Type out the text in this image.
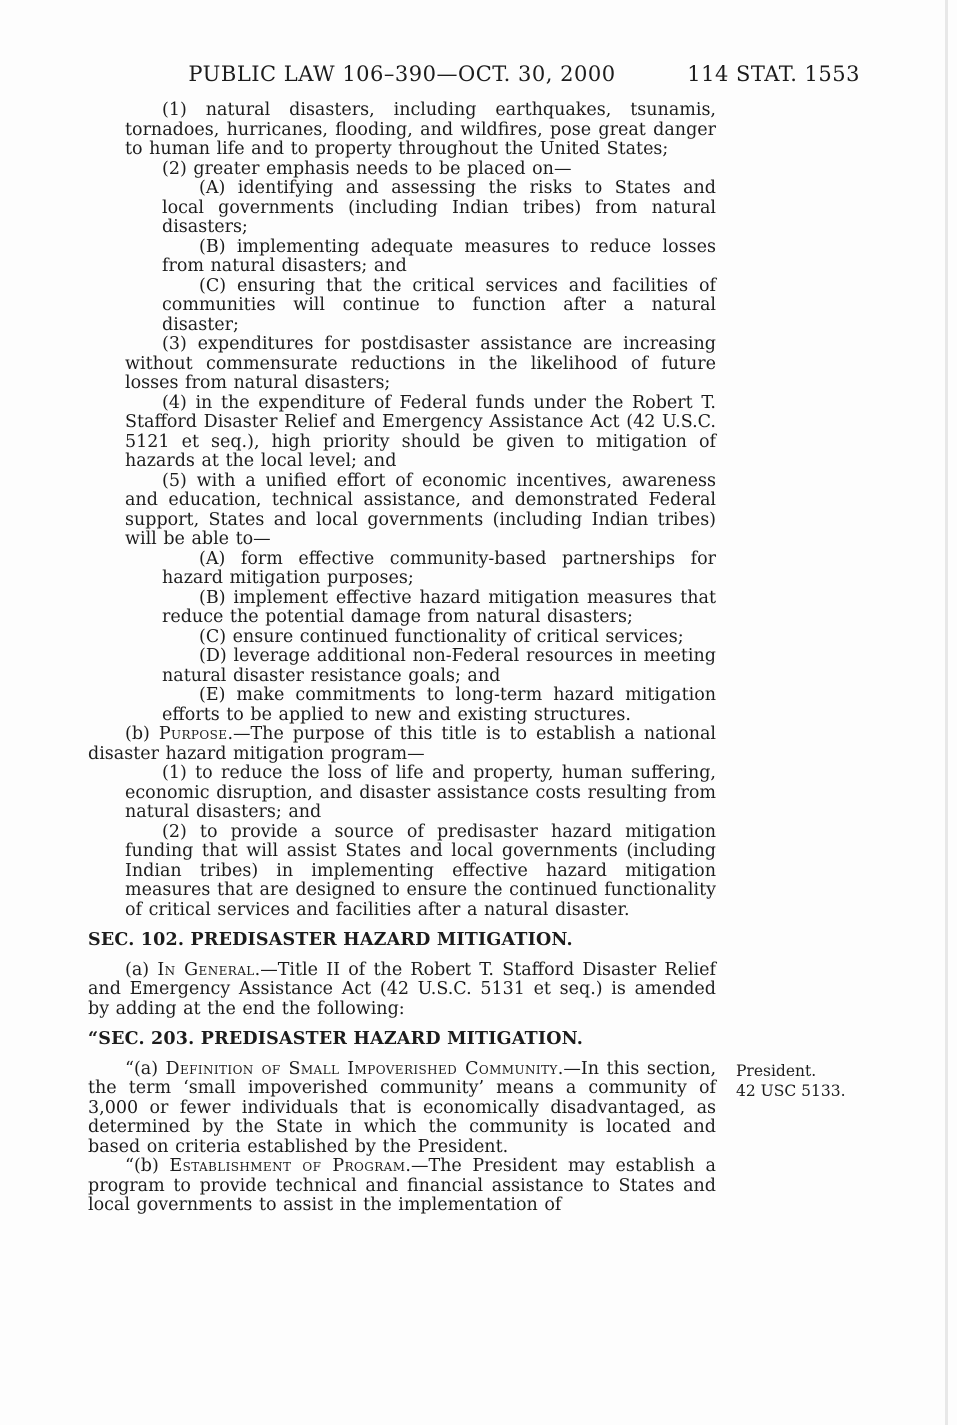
PUBLIC LAW 106–390—OCT. 30, 2000	114 STAT. 1553
(1) natural disasters, including earthquakes, tsunamis, tornadoes, hurricanes, flooding, and wildfires, pose great danger to human life and to property throughout the United States;
(2) greater emphasis needs to be placed on—
(A) identifying and assessing the risks to States and local governments (including Indian tribes) from natural disasters;
(B) implementing adequate measures to reduce losses from natural disasters; and
(C) ensuring that the critical services and facilities of communities will continue to function after a natural disaster;
(3) expenditures for postdisaster assistance are increasing without commensurate reductions in the likelihood of future losses from natural disasters;
(4) in the expenditure of Federal funds under the Robert T. Stafford Disaster Relief and Emergency Assistance Act (42 U.S.C. 5121 et seq.), high priority should be given to mitigation of hazards at the local level; and
(5) with a unified effort of economic incentives, awareness and education, technical assistance, and demonstrated Federal support, States and local governments (including Indian tribes) will be able to—
(A) form effective community-based partnerships for hazard mitigation purposes;
(B) implement effective hazard mitigation measures that reduce the potential damage from natural disasters;
(C) ensure continued functionality of critical services;
(D) leverage additional non-Federal resources in meeting natural disaster resistance goals; and
(E) make commitments to long-term hazard mitigation efforts to be applied to new and existing structures.
(b) Purpose.—The purpose of this title is to establish a national disaster hazard mitigation program—
(1) to reduce the loss of life and property, human suffering, economic disruption, and disaster assistance costs resulting from natural disasters; and
(2) to provide a source of predisaster hazard mitigation funding that will assist States and local governments (including Indian tribes) in implementing effective hazard mitigation measures that are designed to ensure the continued functionality of critical services and facilities after a natural disaster.
SEC. 102. PREDISASTER HAZARD MITIGATION.
(a) In General.—Title II of the Robert T. Stafford Disaster Relief and Emergency Assistance Act (42 U.S.C. 5131 et seq.) is amended by adding at the end the following:
“SEC. 203. PREDISASTER HAZARD MITIGATION.
“(a) Definition of Small Impoverished Community.—In this section, the term ‘small impoverished community’ means a community of 3,000 or fewer individuals that is economically disadvantaged, as determined by the State in which the community is located and based on criteria established by the President.
President.
42 USC 5133.
“(b) Establishment of Program.—The President may establish a program to provide technical and financial assistance to States and local governments to assist in the implementation of
